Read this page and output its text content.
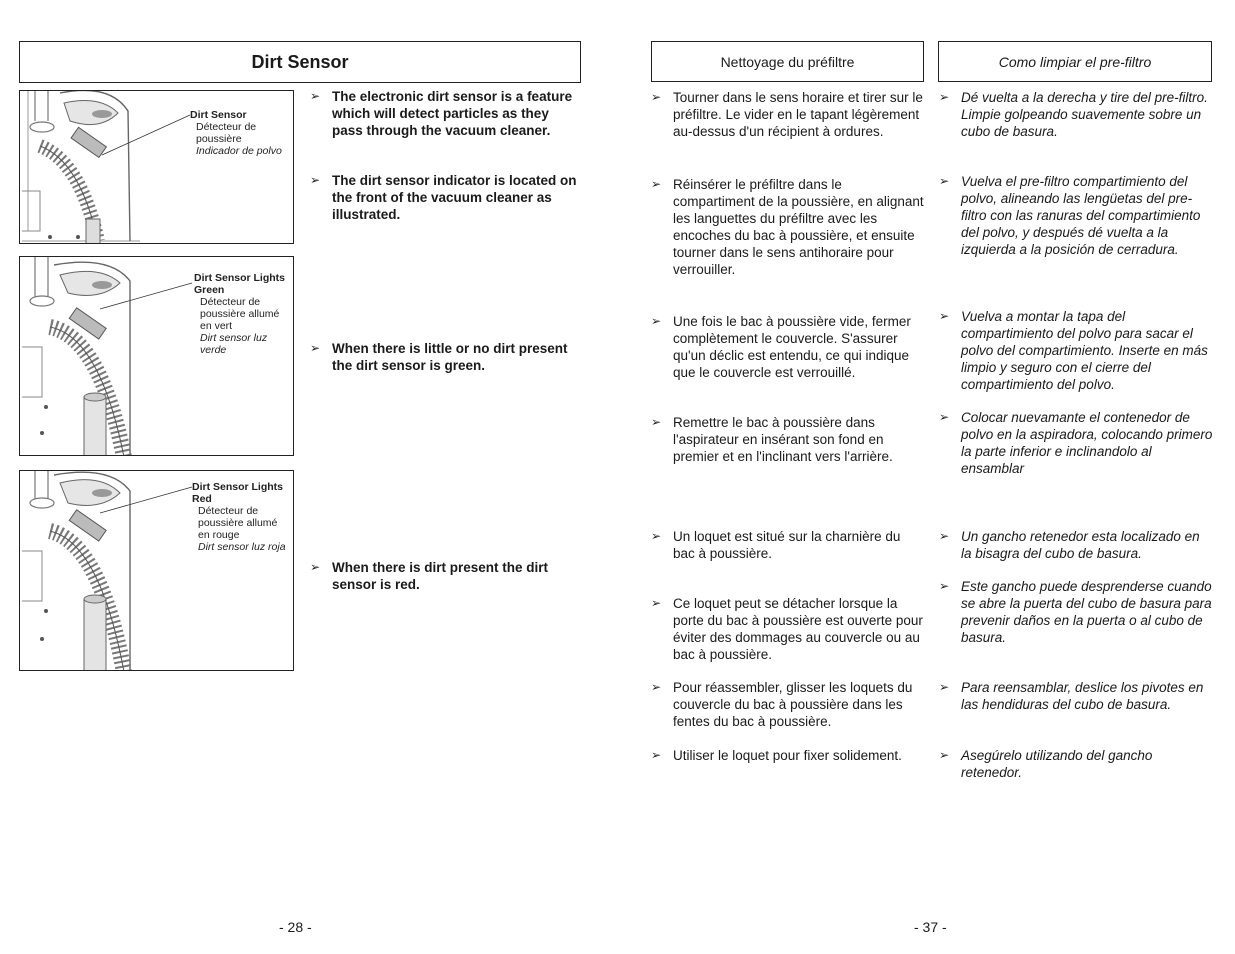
Dirt Sensor
Dirt Sensor
Détecteur de poussière
Indicador de polvo
Dirt Sensor Lights Green
Détecteur de poussière allumé en vert
Dirt sensor luz verde
Dirt Sensor Lights Red
Détecteur de poussière allumé en rouge
Dirt sensor luz roja
➢ The electronic dirt sensor is a feature which will detect particles as they pass through the vacuum cleaner.
➢ The dirt sensor indicator is located on the front of the vacuum cleaner as illustrated.
➢ When there is little or no dirt present the dirt sensor is green.
➢ When there is dirt present the dirt sensor is red.
- 28 -
Nettoyage du préfiltre	Como limpiar el pre-filtro
➢ Tourner dans le sens horaire et tirer sur le préfiltre. Le vider en le tapant légèrement au-dessus d'un récipient à ordures.
➢ Réinsérer le préfiltre dans le compartiment de la poussière, en alignant les languettes du préfiltre avec les encoches du bac à poussière, et ensuite tourner dans le sens antihoraire pour verrouiller.
➢ Une fois le bac à poussière vide, fermer complètement le couvercle. S'assurer qu'un déclic est entendu, ce qui indique que le couvercle est verrouillé.
➢ Remettre le bac à poussière dans l'aspirateur en insérant son fond en premier et en l'inclinant vers l'arrière.
➢ Un loquet est situé sur la charnière du bac à poussière.
➢ Ce loquet peut se détacher lorsque la porte du bac à poussière est ouverte pour éviter des dommages au couvercle ou au bac à poussière.
➢ Pour réassembler, glisser les loquets du couvercle du bac à poussière dans les fentes du bac à poussière.
➢ Utiliser le loquet pour fixer solidement.
➢ Dé vuelta a la derecha y tire del pre-filtro. Limpie golpeando suavemente sobre un cubo de basura.
➢ Vuelva el pre-filtro compartimiento del polvo, alineando las lengüetas del pre-filtro con las ranuras del compartimiento del polvo, y después dé vuelta a la izquierda a la posición de cerradura.
➢ Vuelva a montar la tapa del compartimiento del polvo para sacar el polvo del compartimiento. Inserte en más limpio y seguro con el cierre del compartimiento del polvo.
➢ Colocar nuevamante el contenedor de polvo en la aspiradora, colocando primero la parte inferior e inclinandolo al ensamblar
➢ Un gancho retenedor esta localizado en la bisagra del cubo de basura.
➢ Este gancho puede desprenderse cuando se abre la puerta del cubo de basura para prevenir daños en la puerta o al cubo de basura.
➢ Para reensamblar, deslice los pivotes en las hendiduras del cubo de basura.
➢ Asegúrelo utilizando del gancho retenedor.
- 37 -
